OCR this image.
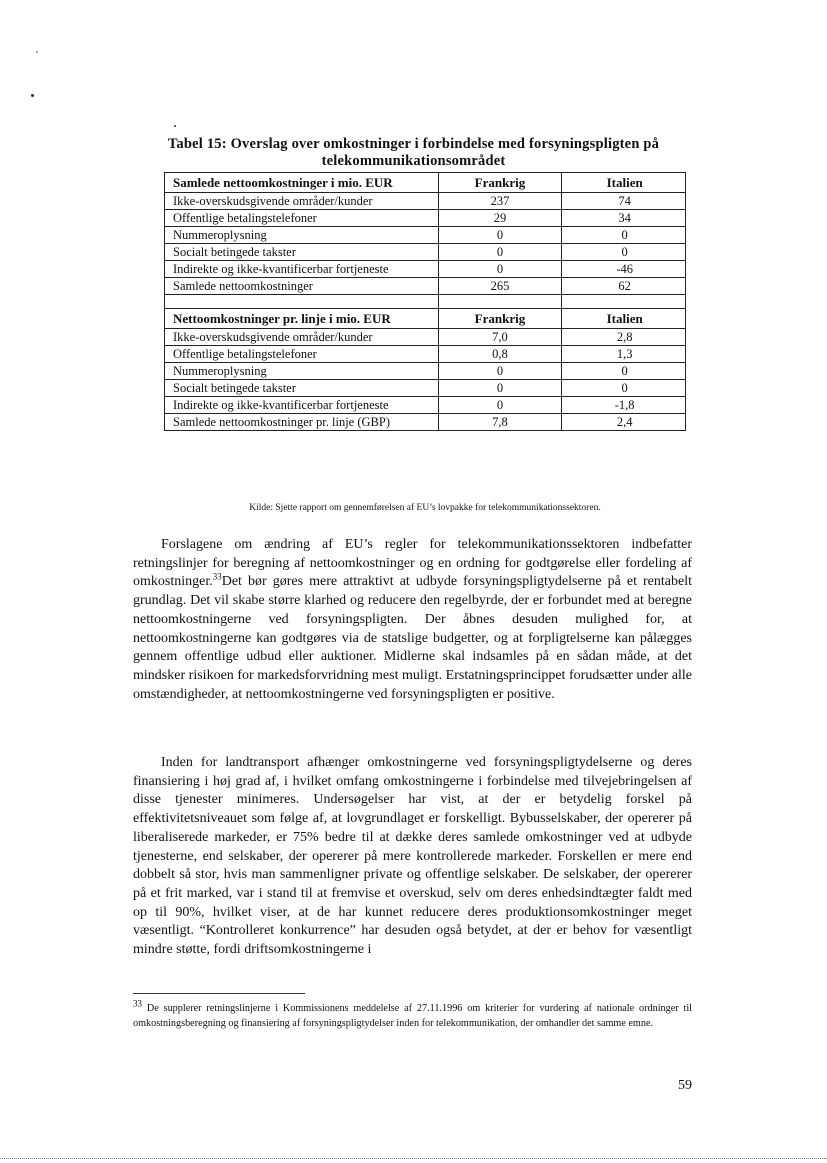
Tabel 15: Overslag over omkostninger i forbindelse med forsyningspligten på
telekommunikationsområdet
Samlede nettoomkostninger i mio. EUR	Frankrig	Italien
Ikke-overskudsgivende områder/kunder	237	74
Offentlige betalingstelefoner	29	34
Nummeroplysning	0	0
Socialt betingede takster	0	0
Indirekte og ikke-kvantificerbar fortjeneste	0	-46
Samlede nettoomkostninger	265	62

Nettoomkostninger pr. linje i mio. EUR	Frankrig	Italien
Ikke-overskudsgivende områder/kunder	7,0	2,8
Offentlige betalingstelefoner	0,8	1,3
Nummeroplysning	0	0
Socialt betingede takster	0	0
Indirekte og ikke-kvantificerbar fortjeneste	0	-1,8
Samlede nettoomkostninger pr. linje (GBP)	7,8	2,4
Kilde: Sjette rapport om gennemførelsen af EU’s lovpakke for telekommunikationssektoren.

Forslagene om ændring af EU’s regler for telekommunikationssektoren indbefatter retningslinjer for beregning af nettoomkostninger og en ordning for godtgørelse eller fordeling af omkostninger.$^{33}$Det bør gøres mere attraktivt at udbyde forsyningspligtydelserne på et rentabelt grundlag. Det vil skabe større klarhed og reducere den regelbyrde, der er forbundet med at beregne nettoomkostningerne ved forsyningspligten. Der åbnes desuden mulighed for, at nettoomkostningerne kan godtgøres via de statslige budgetter, og at forpligtelserne kan pålægges gennem offentlige udbud eller auktioner. Midlerne skal indsamles på en sådan måde, at det mindsker risikoen for markedsforvridning mest muligt. Erstatningsprincippet forudsætter under alle omstændigheder, at nettoomkostningerne ved forsyningspligten er positive.

Inden for landtransport afhænger omkostningerne ved forsyningspligtydelserne og deres finansiering i høj grad af, i hvilket omfang omkostningerne i forbindelse med tilvejebringelsen af disse tjenester minimeres. Undersøgelser har vist, at der er betydelig forskel på effektivitetsniveauet som følge af, at lovgrundlaget er forskelligt. Bybusselskaber, der opererer på liberaliserede markeder, er 75% bedre til at dække deres samlede omkostninger ved at udbyde tjenesterne, end selskaber, der opererer på mere kontrollerede markeder. Forskellen er mere end dobbelt så stor, hvis man sammenligner private og offentlige selskaber. De selskaber, der opererer på et frit marked, var i stand til at fremvise et overskud, selv om deres enhedsindtægter faldt med op til 90%, hvilket viser, at de har kunnet reducere deres produktionsomkostninger meget væsentligt. “Kontrolleret konkurrence” har desuden også betydet, at der er behov for væsentligt mindre støtte, fordi driftsomkostningerne i

$^{33}$ De supplerer retningslinjerne i Kommissionens meddelelse af 27.11.1996 om kriterier for vurdering af nationale ordninger til omkostningsberegning og finansiering af forsyningspligtydelser inden for telekommunikation, der omhandler det samme emne.

59
